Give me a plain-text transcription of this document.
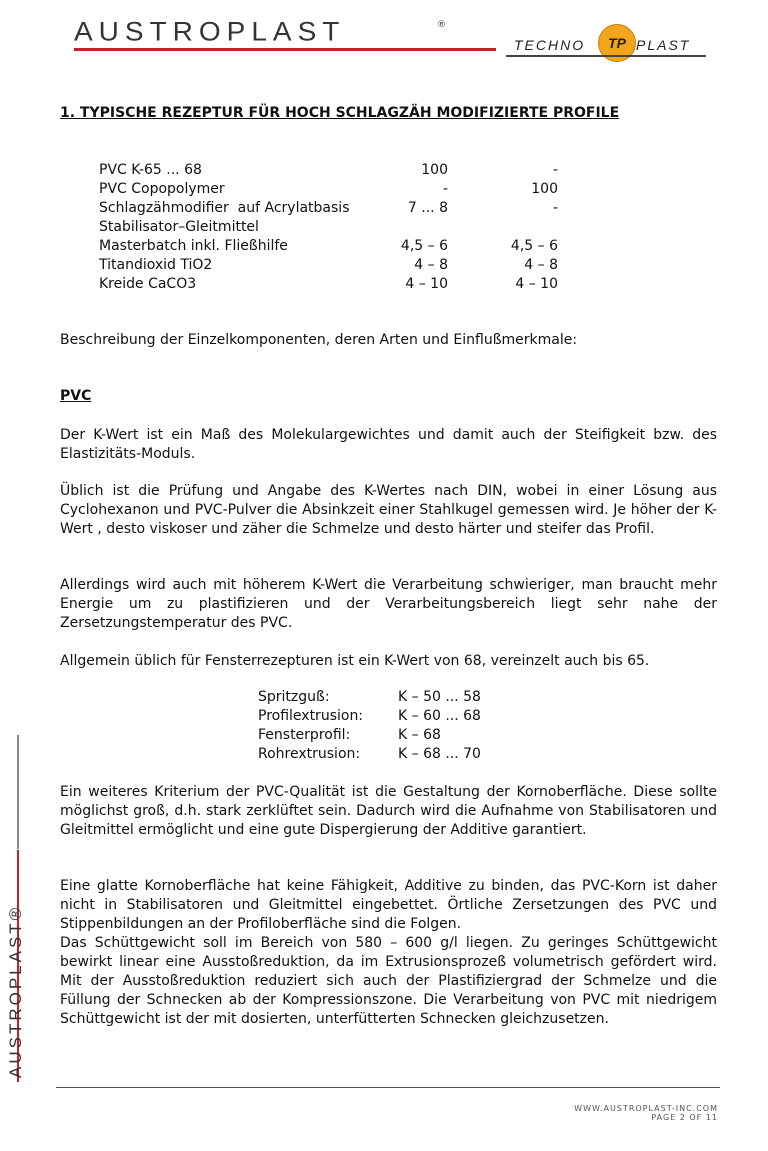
AUSTROPLAST	®
TECHNO	TP PLAST
AUSTROPLAST®
1. TYPISCHE REZEPTUR FÜR HOCH SCHLAGZÄH MODIFIZIERTE PROFILE
PVC K-65 ... 68	100	-
PVC Copopolymer	-	100
Schlagzähmodifier  auf Acrylatbasis	7 ... 8	-
Stabilisator–Gleitmittel
Masterbatch inkl. Fließhilfe	4,5 – 6	4,5 – 6
Titandioxid TiO2	4 – 8	4 – 8
Kreide CaCO3	4 – 10	4 – 10

Beschreibung der Einzelkomponenten, deren Arten und Einflußmerkmale:

PVC

Der K-Wert ist ein Maß des Molekulargewichtes und damit auch der Steifigkeit bzw. des Elastizitäts-Moduls.

Üblich ist die Prüfung und Angabe des K-Wertes nach DIN, wobei in einer Lösung aus Cyclohexanon und PVC-Pulver die Absinkzeit einer Stahlkugel gemessen wird. Je höher der K-Wert , desto viskoser und zäher die Schmelze und desto härter und steifer das Profil.

Allerdings wird auch mit höherem K-Wert die Verarbeitung schwieriger, man braucht mehr Energie um zu plastifizieren und der Verarbeitungsbereich liegt sehr nahe der Zersetzungstemperatur des PVC.

Allgemein üblich für Fensterrezepturen ist ein K-Wert von 68, vereinzelt auch bis 65.

Spritzguß:	K – 50 ... 58
Profilextrusion: K – 60 ... 68
Fensterprofil:	K – 68
Rohrextrusion:	K – 68 ... 70

Ein weiteres Kriterium der PVC-Qualität ist die Gestaltung der Kornoberfläche. Diese sollte möglichst groß, d.h. stark zerklüftet sein. Dadurch wird die Aufnahme von Stabilisatoren und Gleitmittel ermöglicht und eine gute Dispergierung der Additive garantiert.

Eine glatte Kornoberfläche hat keine Fähigkeit, Additive zu binden, das PVC-Korn ist daher nicht in Stabilisatoren und Gleitmittel eingebettet. Örtliche Zersetzungen des PVC und Stippenbildungen an der Profiloberfläche sind die Folgen.

Das Schüttgewicht soll im Bereich von 580 – 600 g/l liegen. Zu geringes Schüttgewicht bewirkt linear eine Ausstoßreduktion, da im Extrusionsprozeß volumetrisch gefördert wird. Mit der Ausstoßreduktion reduziert sich auch der Plastifiziergrad der Schmelze und die Füllung der Schnecken ab der Kompressionszone. Die Verarbeitung von PVC mit niedrigem Schüttgewicht ist der mit dosierten, unterfütterten Schnecken gleichzusetzen.

WWW.AUSTROPLAST-INC.COM
PAGE 2 OF 11
